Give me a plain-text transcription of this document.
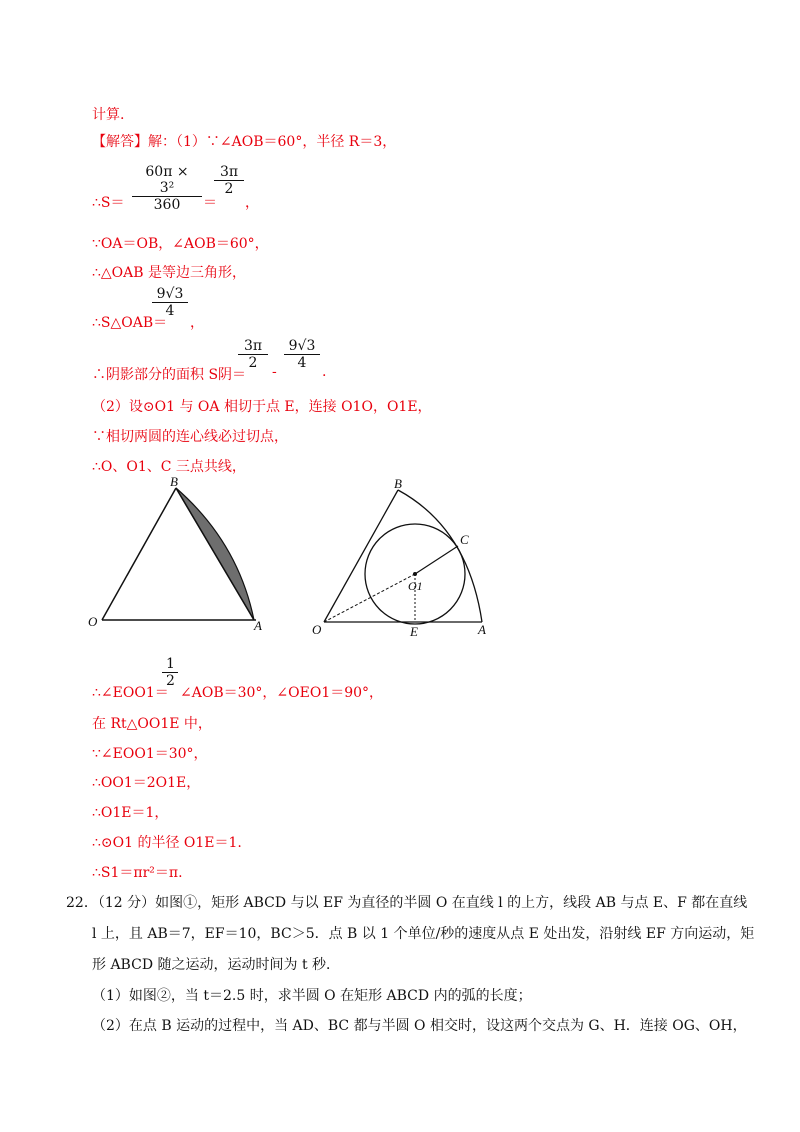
计算.
【解答】解：（1）∵∠AOB＝60°，半径 R＝3，
∴S＝
60π × 3²
360	＝
3π
2
，
∵OA＝OB，∠AOB＝60°，
∴△OAB 是等边三角形，
∴S△OAB＝
9√3
4
，
∴阴影部分的面积 S阴＝
3π
2
-
9√3
4
.
（2）设⊙O1 与 OA 相切于点 E，连接 O1O，O1E，
∵相切两圆的连心线必过切点，
∴O、O1、C 三点共线，
B
O	A
B
C
O1
O	E	A
∴∠EOO1＝
1
2
∠AOB＝30°，∠OEO1＝90°，
在 Rt△OO1E 中，
∵∠EOO1＝30°，
∴OO1＝2O1E，
∴O1E＝1，
∴⊙O1 的半径 O1E＝1.
∴S1＝πr²＝π.
22．（12 分）如图①，矩形 ABCD 与以 EF 为直径的半圆 O 在直线 l 的上方，线段 AB 与点 E、F 都在直线
l 上，且 AB＝7，EF＝10，BC＞5．点 B 以 1 个单位/秒的速度从点 E 处出发，沿射线 EF 方向运动，矩
形 ABCD 随之运动，运动时间为 t 秒．
（1）如图②，当 t＝2.5 时，求半圆 O 在矩形 ABCD 内的弧的长度；
（2）在点 B 运动的过程中，当 AD、BC 都与半圆 O 相交时，设这两个交点为 G、H．连接 OG、OH，
